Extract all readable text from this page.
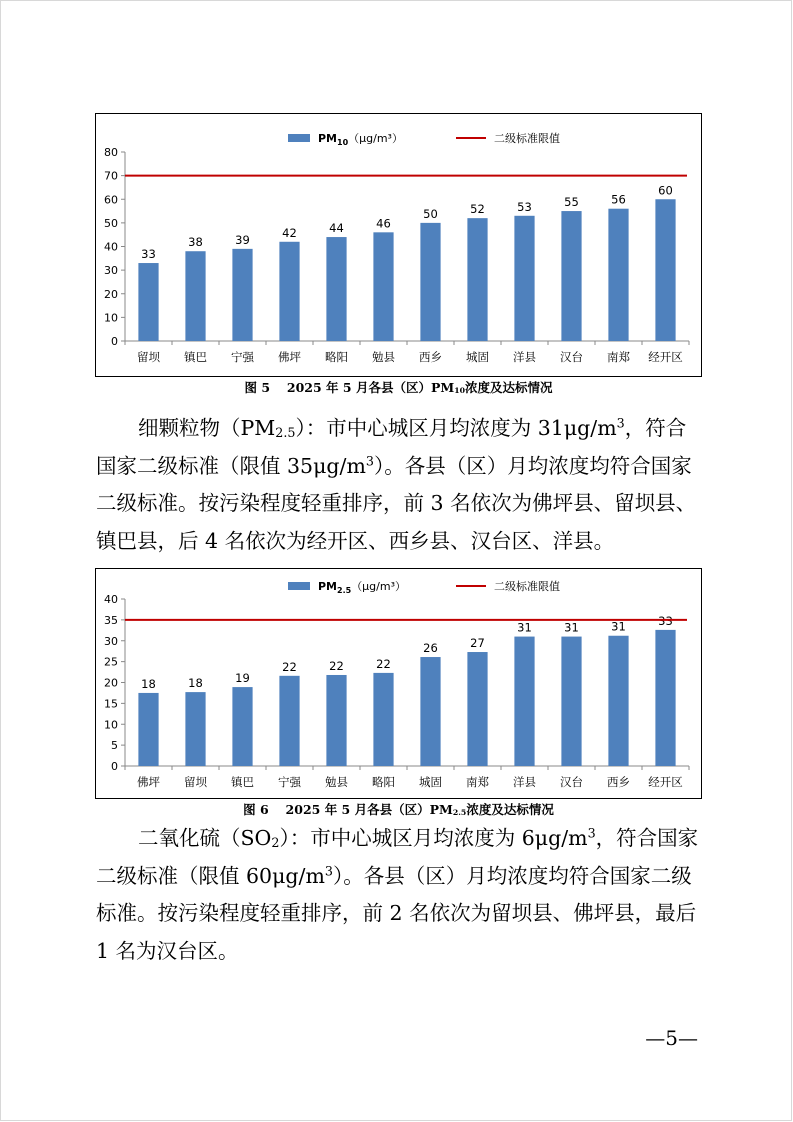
$PM_{10}(\mu g/m^3)$	二级标准限值
0
10
20
30
40
50
60
70
80
33
留坝
38
镇巴
39
宁强
42
佛坪
44
略阳
46
勉县
50
西乡
52
城固
53
洋县
55
汉台
56
南郑
60
经开区
图 5　 2025 年 5 月各县（区）$PM_{10}$浓度及达标情况

细颗粒物$(PM_{2.5})$：市中心城区月均浓度为 $31\mu g/m^3$，符合国家二级标准（限值 $35\mu g/m^3$）。各县（区）月均浓度均符合国家二级标准。按污染程度轻重排序，前 3 名依次为佛坪县、留坝县、镇巴县，后 4 名依次为经开区、西乡县、汉台区、洋县。

$PM_{2.5}(\mu g/m^3)$	二级标准限值
0
5
10
15
20
25
30
35
40
18
佛坪
18
留坝
19
镇巴
22
宁强
22
勉县
22
略阳
26
城固
27
南郑
31
洋县
31
汉台
31
西乡
33
经开区
图 6　 2025 年 5 月各县（区）$PM_{2.5}$浓度及达标情况

二氧化硫$(SO_2)$：市中心城区月均浓度为 $6\mu g/m^3$，符合国家二级标准（限值 $60\mu g/m^3$）。各县（区）月均浓度均符合国家二级标准。按污染程度轻重排序，前 2 名依次为留坝县、佛坪县，最后 1 名为汉台区。

—5—
